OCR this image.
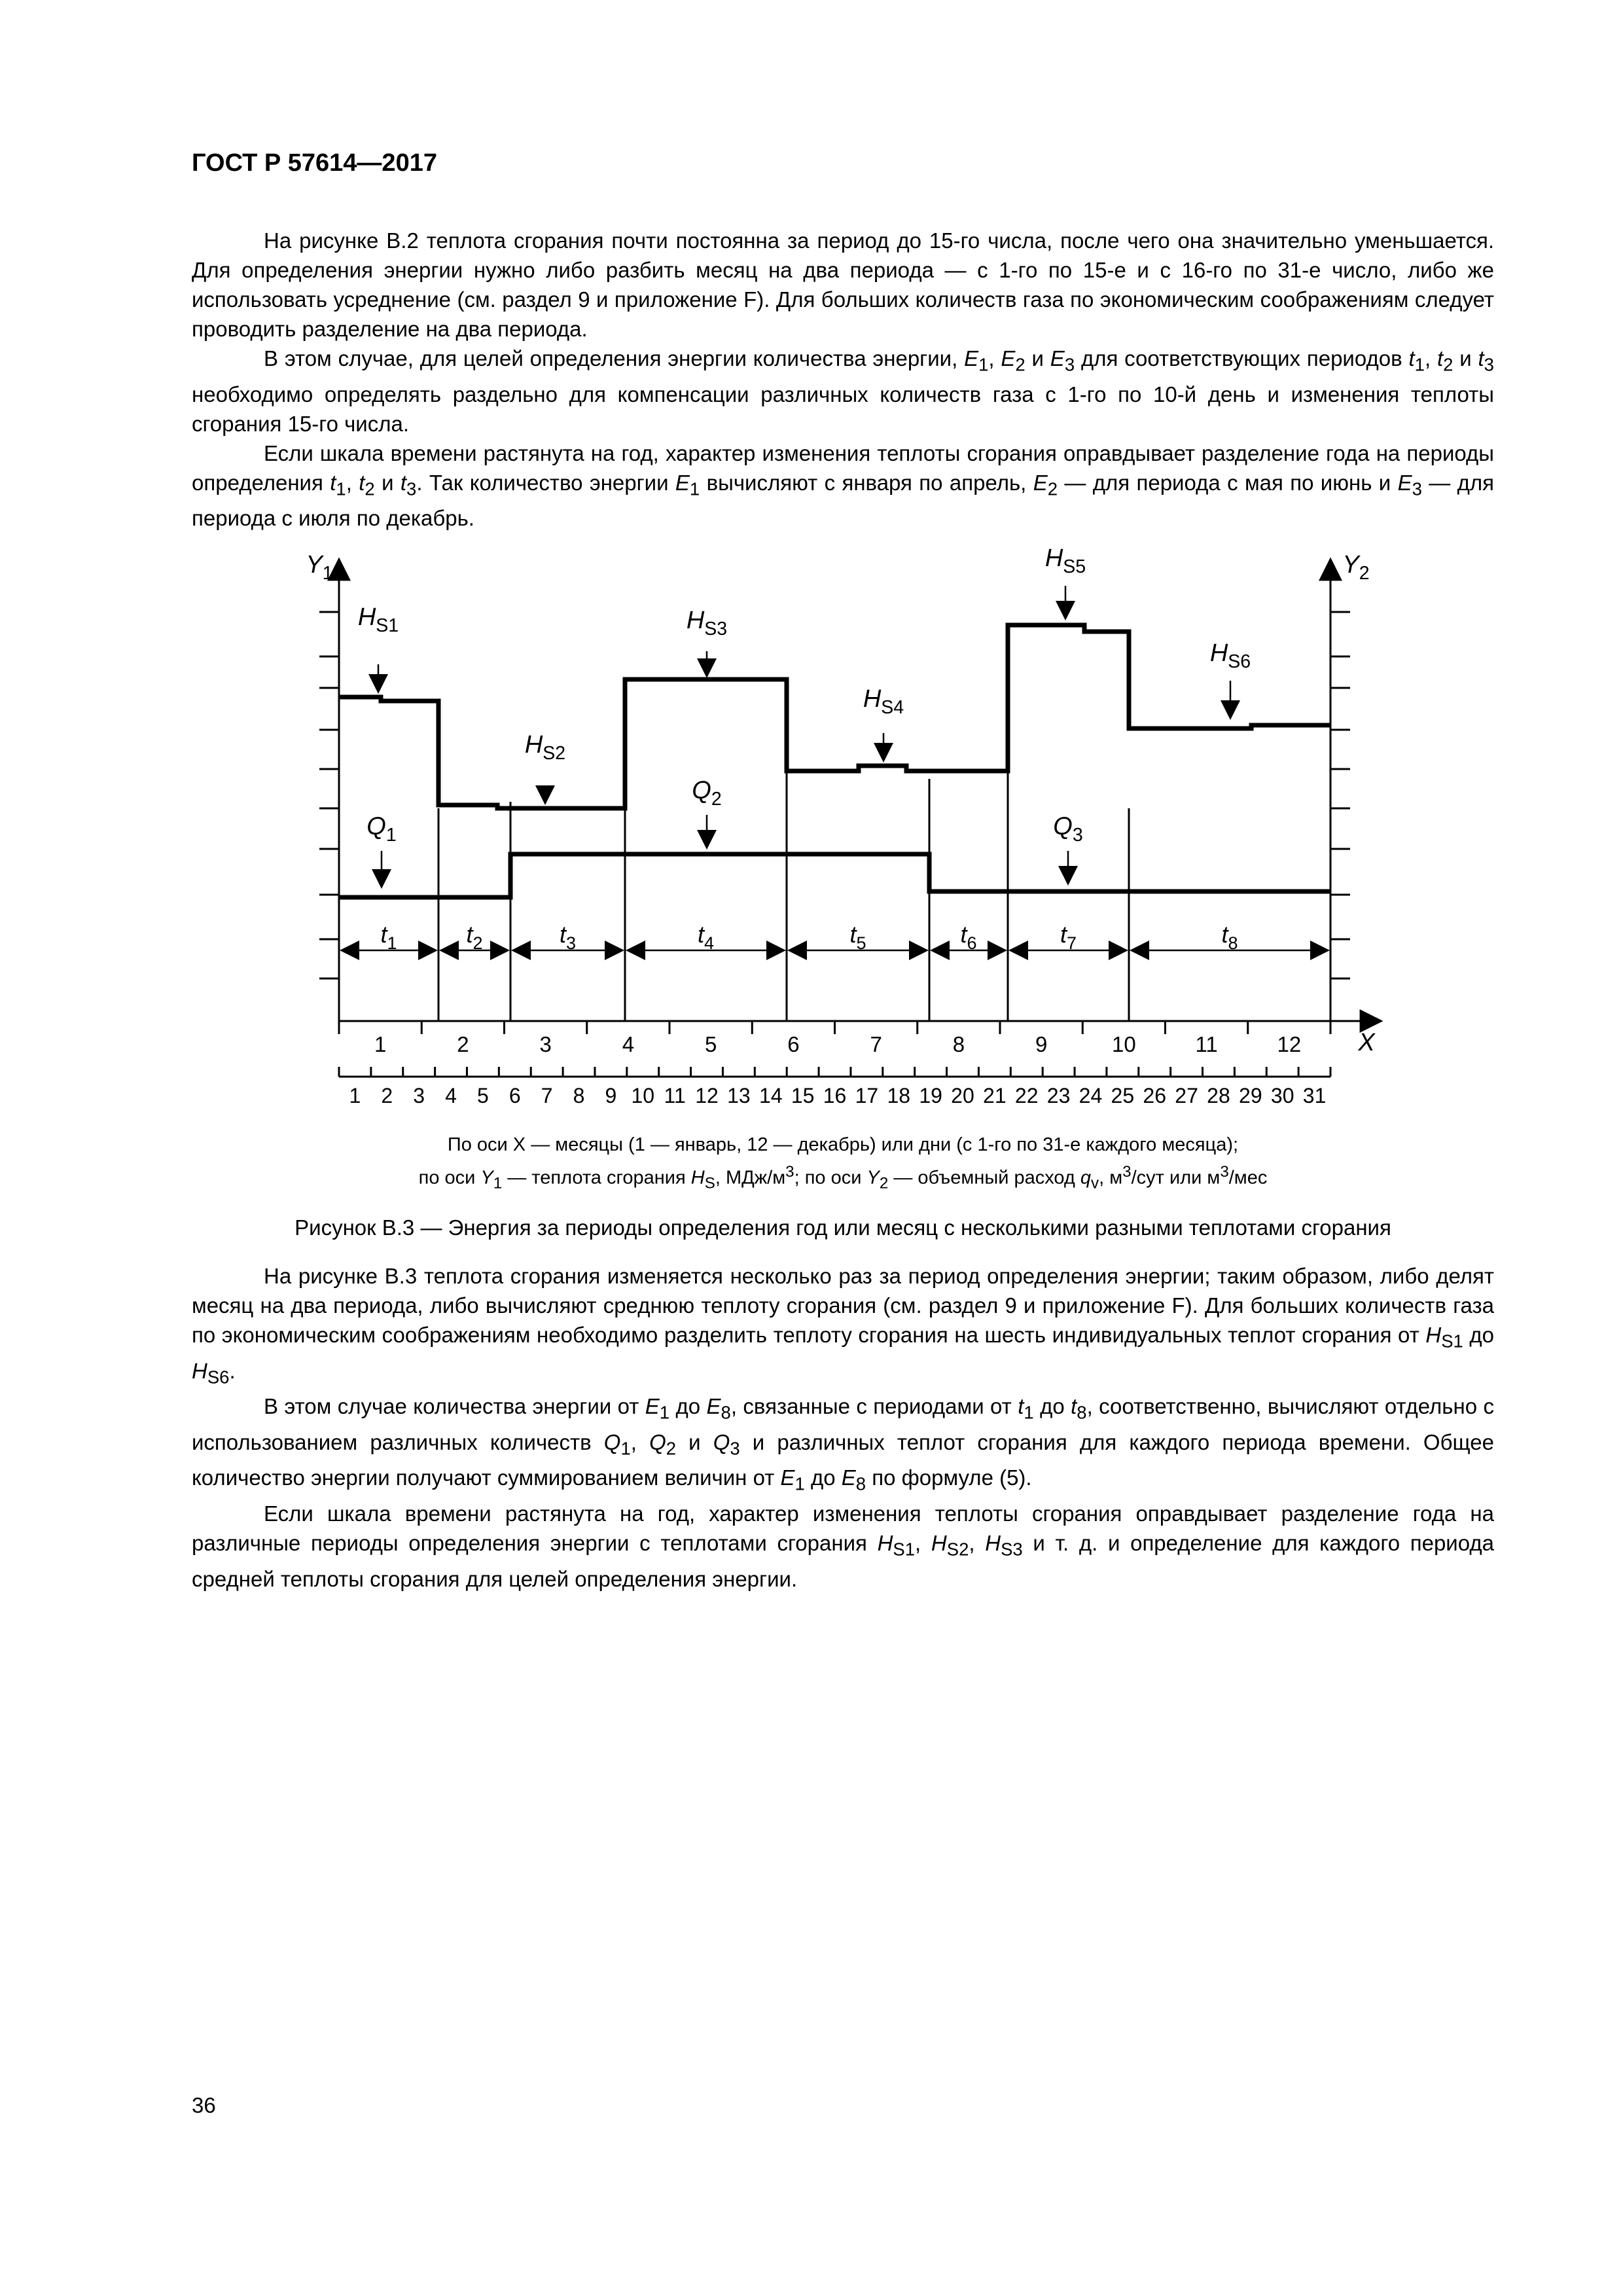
ГОСТ Р 57614—2017

На рисунке В.2 теплота сгорания почти постоянна за период до 15-го числа, после чего она значительно уменьшается. Для определения энергии нужно либо разбить месяц на два периода — с 1-го по 15-е и с 16-го по 31-е число, либо же использовать усреднение (см. раздел 9 и приложение F). Для больших количеств газа по экономическим соображениям следует проводить разделение на два периода.

В этом случае, для целей определения энергии количества энергии, $E_1$, $E_2$ и $E_3$ для соответствующих периодов $t_1$, $t_2$ и $t_3$ необходимо определять раздельно для компенсации различных количеств газа с 1-го по 10-й день и изменения теплоты сгорания 15-го числа.

Если шкала времени растянута на год, характер изменения теплоты сгорания оправдывает разделение года на периоды определения $t_1$, $t_2$ и $t_3$. Так количество энергии $E_1$ вычисляют с января по апрель, $E_2$ — для периода с мая по июнь и $E_3$ — для периода с июля по декабрь.

$Y_1$	$Y_2$
X
$t_1$	$t_2$	$t_3$	$t_4$	$t_5$	$t_6$	$t_7$	$t_8$
$H_{S1}$
$H_{S2}$
$H_{S3}$
$H_{S4}$
$H_{S5}$
$H_{S6}$
$Q_1$
$Q_2$
$Q_3$
1	2	3	4	5	6	7	8	9	10	11	12
1 2 3 4 5 6 7 8 9 10 11 12 13 14 15 16 17 18 19 20 21 22 23 24 25 26 27 28 29 30 31
По оси X — месяцы (1 — январь, 12 — декабрь) или дни (с 1-го по 31-е каждого месяца);
по оси $Y_1$ — теплота сгорания $H_S$, МДж/$м^3$; по оси $Y_2$ — объемный расход $q_v$, $м^3$/сут или $м^3$/мес
Рисунок В.3 — Энергия за периоды определения год или месяц с несколькими разными теплотами сгорания

На рисунке В.3 теплота сгорания изменяется несколько раз за период определения энергии; таким образом, либо делят месяц на два периода, либо вычисляют среднюю теплоту сгорания (см. раздел 9 и приложение F). Для больших количеств газа по экономическим соображениям необходимо разделить теплоту сгорания на шесть индивидуальных теплот сгорания от $H_{S1}$ до $H_{S6}$.

В этом случае количества энергии от $E_1$ до $E_8$, связанные с периодами от $t_1$ до $t_8$, соответственно, вычисляют отдельно с использованием различных количеств $Q_1$, $Q_2$ и $Q_3$ и различных теплот сгорания для каждого периода времени. Общее количество энергии получают суммированием величин от $E_1$ до $E_8$ по формуле (5).

Если шкала времени растянута на год, характер изменения теплоты сгорания оправдывает разделение года на различные периоды определения энергии с теплотами сгорания $H_{S1}$, $H_{S2}$, $H_{S3}$ и т. д. и определение для каждого периода средней теплоты сгорания для целей определения энергии.

36
